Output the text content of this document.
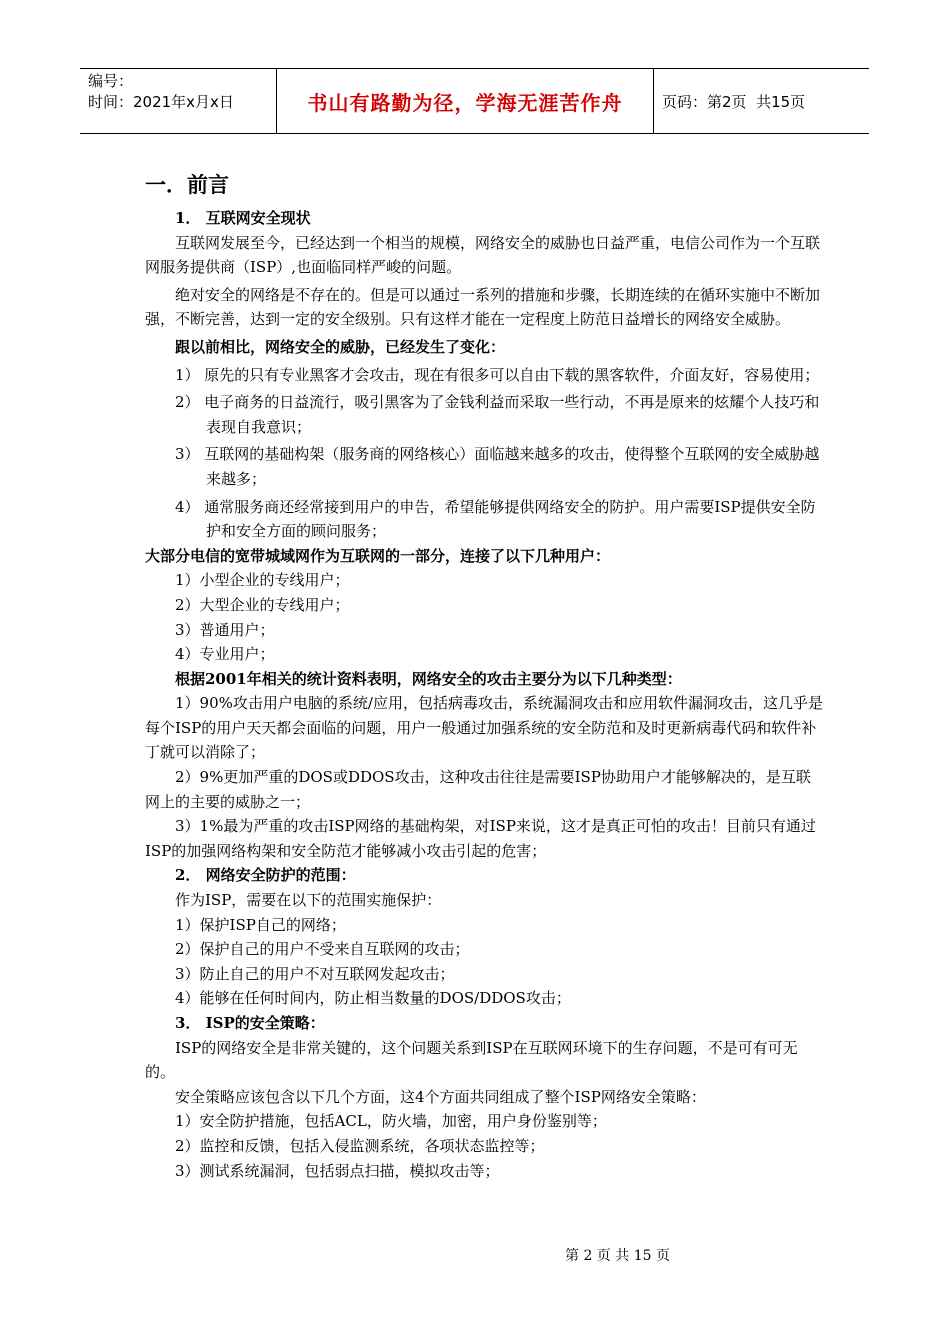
编号：
时间：2021年x月x日	书山有路勤为径，学海无涯苦作舟	页码：第2页  共15页

一．前言

1． 互联网安全现状

互联网发展至今，已经达到一个相当的规模，网络安全的威胁也日益严重，电信公司作为一个互联网服务提供商（ISP）,也面临同样严峻的问题。

绝对安全的网络是不存在的。但是可以通过一系列的措施和步骤，长期连续的在循环实施中不断加强，不断完善，达到一定的安全级别。只有这样才能在一定程度上防范日益增长的网络安全威胁。

跟以前相比，网络安全的威胁，已经发生了变化：

1） 原先的只有专业黑客才会攻击，现在有很多可以自由下载的黑客软件，介面友好，容易使用；

2） 电子商务的日益流行，吸引黑客为了金钱利益而采取一些行动，不再是原来的炫耀个人技巧和表现自我意识；

3） 互联网的基础构架（服务商的网络核心）面临越来越多的攻击，使得整个互联网的安全威胁越来越多；

4） 通常服务商还经常接到用户的申告，希望能够提供网络安全的防护。用户需要ISP提供安全防护和安全方面的顾问服务；

大部分电信的宽带城域网作为互联网的一部分，连接了以下几种用户：

1）小型企业的专线用户；

2）大型企业的专线用户；

3）普通用户；

4）专业用户；

根据2001年相关的统计资料表明，网络安全的攻击主要分为以下几种类型：

1）90%攻击用户电脑的系统/应用，包括病毒攻击，系统漏洞攻击和应用软件漏洞攻击，这几乎是每个ISP的用户天天都会面临的问题，用户一般通过加强系统的安全防范和及时更新病毒代码和软件补丁就可以消除了；

2）9%更加严重的DOS或DDOS攻击，这种攻击往往是需要ISP协助用户才能够解决的，是互联网上的主要的威胁之一；

3）1%最为严重的攻击ISP网络的基础构架，对ISP来说，这才是真正可怕的攻击！目前只有通过ISP的加强网络构架和安全防范才能够减小攻击引起的危害；

2． 网络安全防护的范围：

作为ISP，需要在以下的范围实施保护：

1）保护ISP自己的网络；

2）保护自己的用户不受来自互联网的攻击；

3）防止自己的用户不对互联网发起攻击；

4）能够在任何时间内，防止相当数量的DOS/DDOS攻击；

3． ISP的安全策略：

ISP的网络安全是非常关键的，这个问题关系到ISP在互联网环境下的生存问题，不是可有可无的。

安全策略应该包含以下几个方面，这4个方面共同组成了整个ISP网络安全策略：

1）安全防护措施，包括ACL，防火墙，加密，用户身份鉴别等；

2）监控和反馈，包括入侵监测系统，各项状态监控等；

3）测试系统漏洞，包括弱点扫描，模拟攻击等；

第 2 页 共 15 页
